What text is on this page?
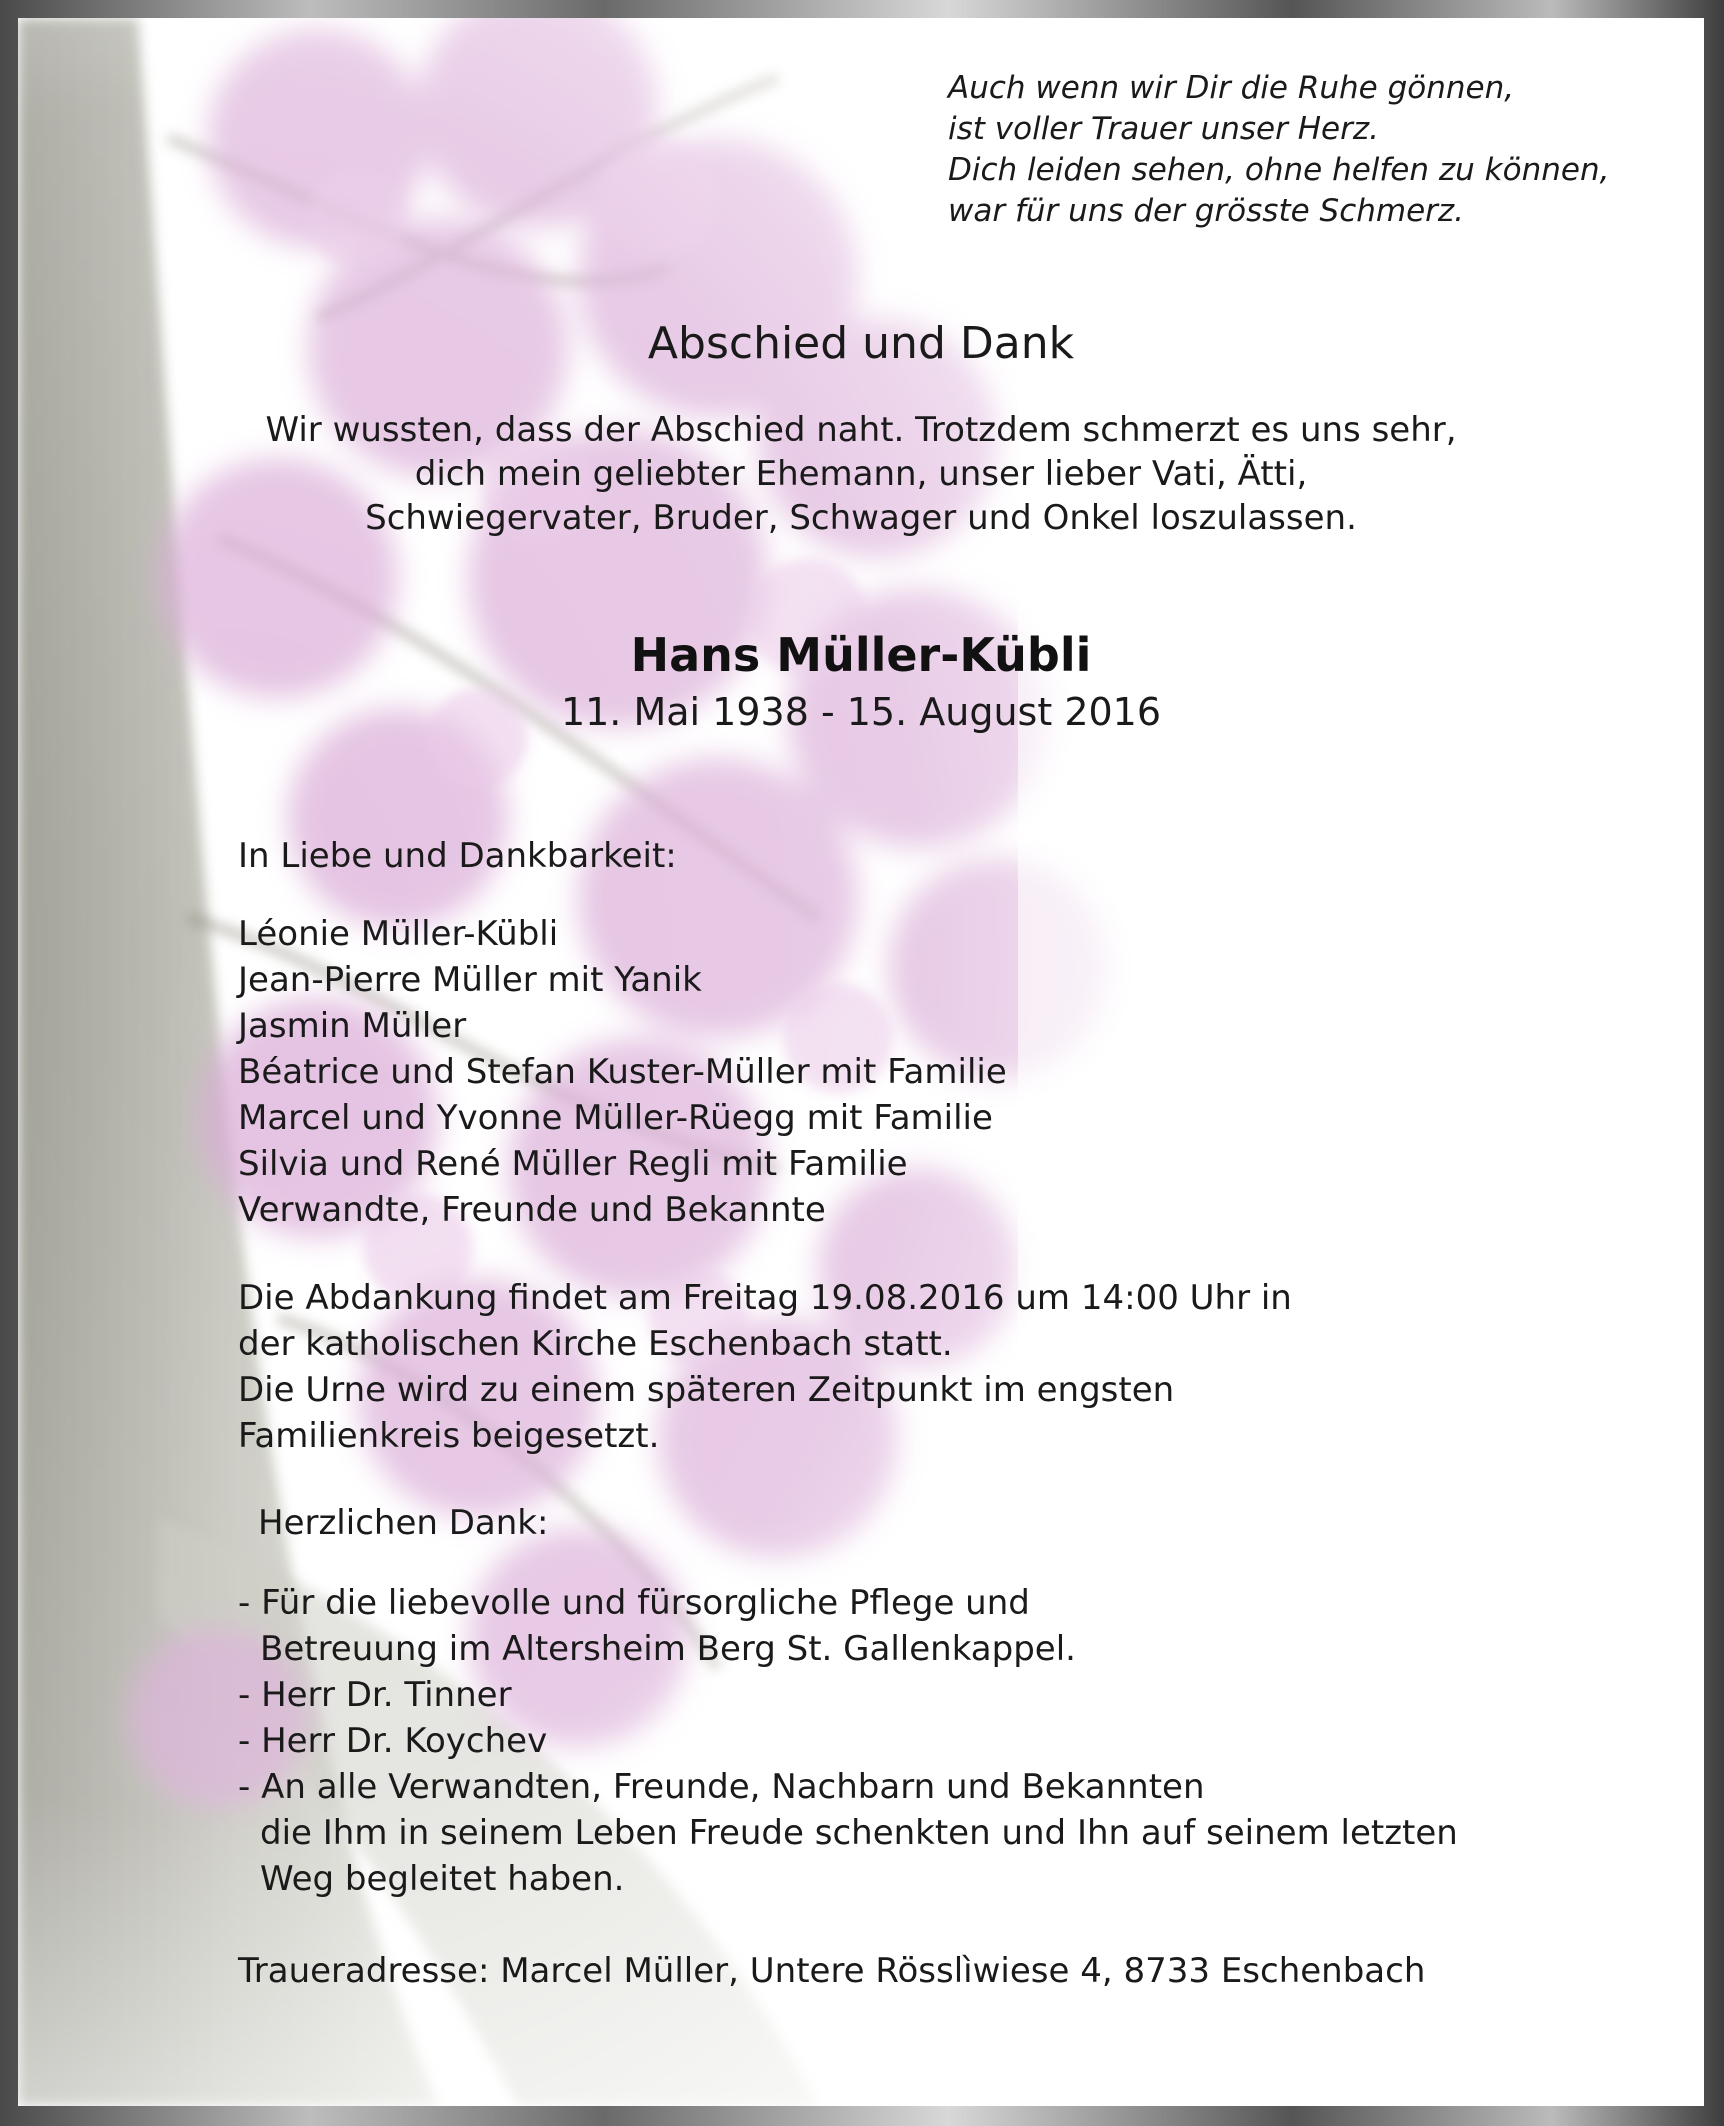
Auch wenn wir Dir die Ruhe gönnen,
ist voller Trauer unser Herz.
Dich leiden sehen, ohne helfen zu können,
war für uns der grösste Schmerz.
Abschied und Dank
Wir wussten, dass der Abschied naht. Trotzdem schmerzt es uns sehr,
dich mein geliebter Ehemann, unser lieber Vati, Ätti,
Schwiegervater, Bruder, Schwager und Onkel loszulassen.
Hans Müller-Kübli
11. Mai 1938 - 15. August 2016
In Liebe und Dankbarkeit:
Léonie Müller-Kübli
Jean-Pierre Müller mit Yanik
Jasmin Müller
Béatrice und Stefan Kuster-Müller mit Familie
Marcel und Yvonne Müller-Rüegg mit Familie
Silvia und René Müller Regli mit Familie
Verwandte, Freunde und Bekannte
Die Abdankung findet am Freitag 19.08.2016 um 14:00 Uhr in
der katholischen Kirche Eschenbach statt.
Die Urne wird zu einem späteren Zeitpunkt im engsten
Familienkreis beigesetzt.
Herzlichen Dank:
- Für die liebevolle und fürsorgliche Pflege und
Betreuung im Altersheim Berg St. Gallenkappel.
- Herr Dr. Tinner
- Herr Dr. Koychev
- An alle Verwandten, Freunde, Nachbarn und Bekannten
die Ihm in seinem Leben Freude schenkten und Ihn auf seinem letzten
Weg begleitet haben.
Traueradresse: Marcel Müller, Untere Rösslìwiese 4, 8733 Eschenbach
